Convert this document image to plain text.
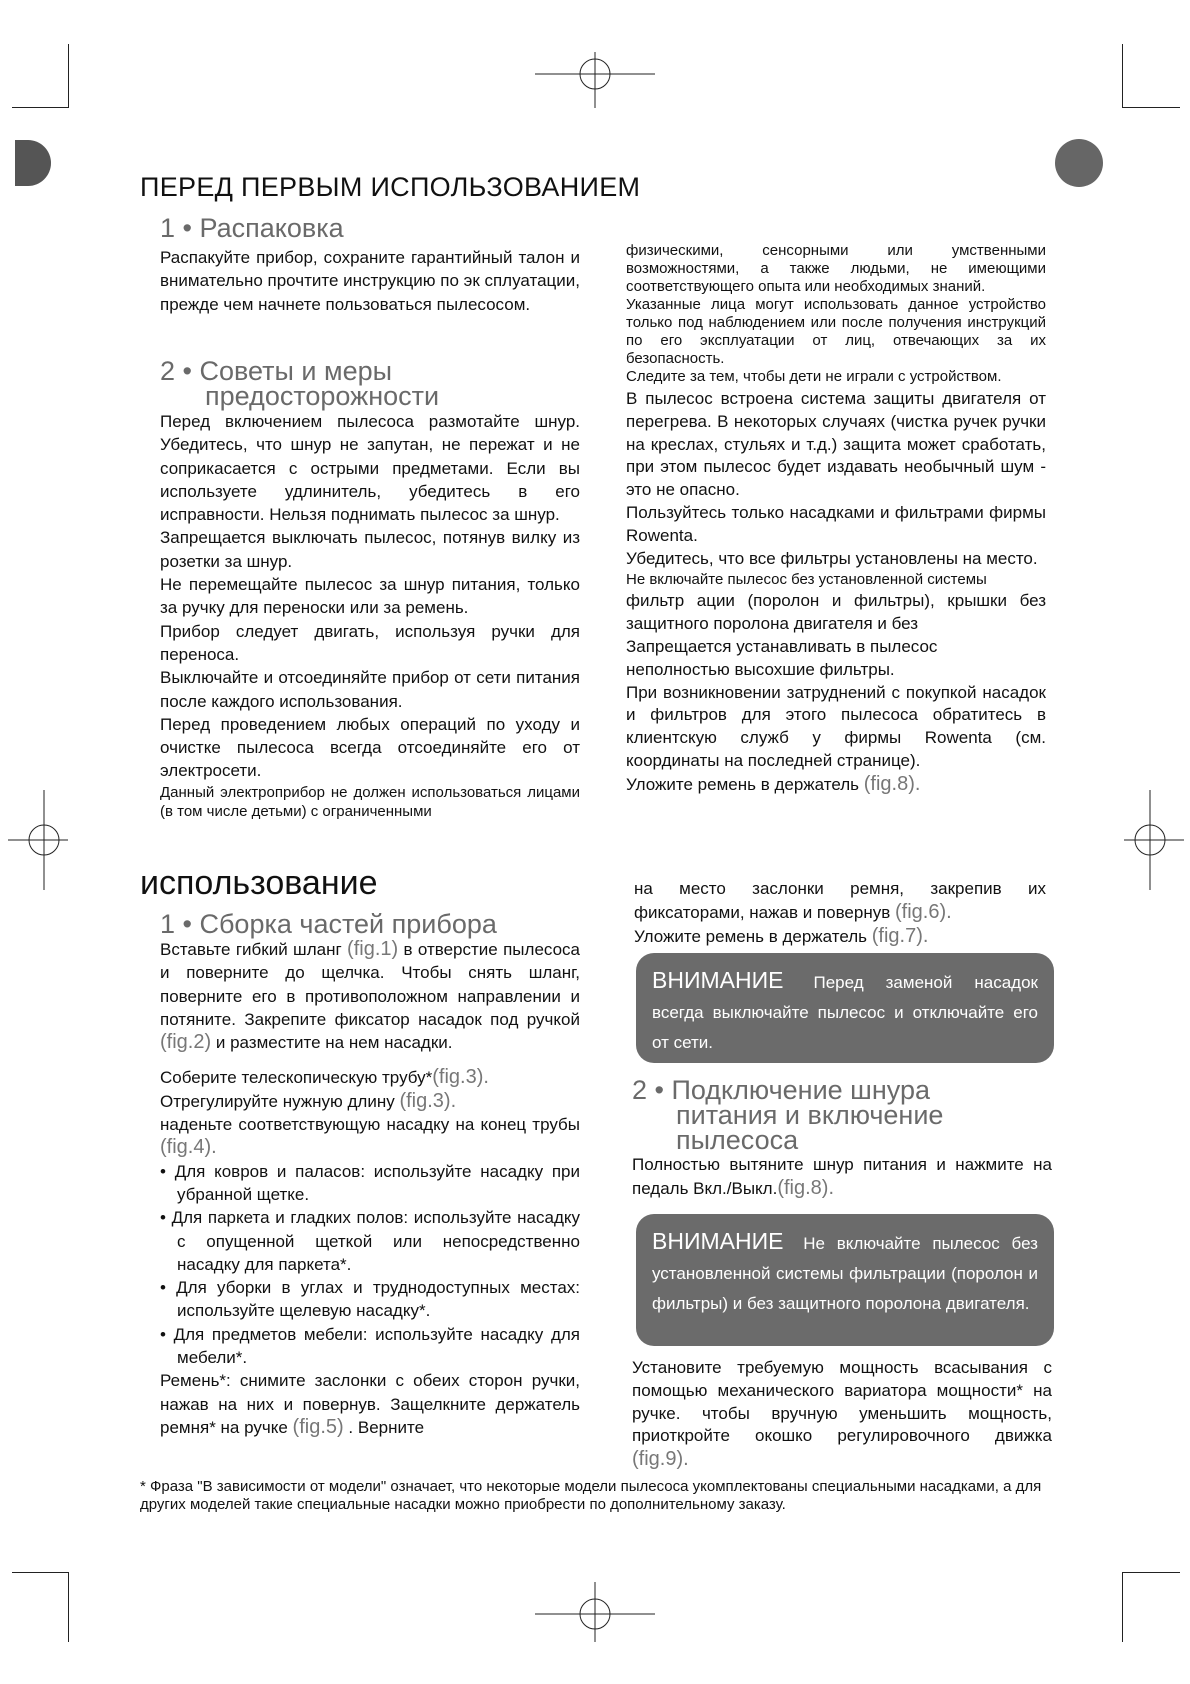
ПЕРЕД ПЕРВЫМ ИСПОЛЬЗОВАНИЕМ
1 • Распаковка

Распакуйте прибор, сохраните гарантийный талон и внимательно прочтите инструкцию по эк сплуатации, прежде чем начнете пользоваться пылесосом.

2 • Советы и меры
предосторожности

Перед включением пылесоса размотайте шнур. Убедитесь, что шнур не запутан, не пережат и не соприкасается с острыми предметами. Если вы используете удлинитель, убедитесь в его исправности. Нельзя поднимать пылесос за шнур.

Запрещается выключать пылесос, потянув вилку из розетки за шнур.

Не перемещайте пылесос за шнур питания, только за ручку для переноски или за ремень.

Прибор следует двигать, используя ручки для переноса.

Выключайте и отсоединяйте прибор от сети питания после каждого использования.

Перед проведением любых операций по уходу и очистке пылесоса всегда отсоединяйте его от электросети.

Данный электроприбор не должен использоваться лицами (в том числе детьми) с ограниченными

физическими, сенсорными или умственными возможностями, а также людьми, не имеющими соответствующего опыта или необходимых знаний.

Указанные лица могут использовать данное устройство только под наблюдением или после получения инструкций по его эксплуатации от лиц, отвечающих за их безопасность.

Следите за тем, чтобы дети не играли с устройством.

В пылесос встроена система защиты двигателя от перегрева. В некоторых случаях (чистка ручек ручки на креслах, стульях и т.д.) защита может сработать, при этом пылесос будет издавать необычный шум - это не опасно.

Пользуйтесь только насадками и фильтрами фирмы Rowenta.

Убедитесь, что все фильтры установлены на место.

Не включайте пылесос без установленной системы

фильтр ации (поролон и фильтры), крышки без защитного поролона двигателя и без

Запрещается устанавливать в пылесос

неполностью высохшие фильтры.

При возникновении затруднений с покупкой насадок и фильтров для этого пылесоса обратитесь в клиентскую служб у фирмы Rowenta (см. координаты на последней странице).

Уложите ремень в держатель (fig.8).

использование
1 • Сборка частей прибора

Вставьте гибкий шланг (fig.1) в отверстие пылесоса и поверните до щелчка. Чтобы снять шланг, поверните его в противоположном направлении и потяните. Закрепите фиксатор насадок под ручкой (fig.2) и разместите на нем насадки.

Соберите телескопическую трубу*(fig.3).

Отрегулируйте нужную длину (fig.3).

наденьте соответствующую насадку на конец трубы (fig.4).

• Для ковров и паласов: используйте насадку при убранной щетке.

• Для паркета и гладких полов: используйте насадку с опущенной щеткой или непосредственно насадку для паркета*.

• Для уборки в углах и труднодоступных местах: используйте щелевую насадку*.

• Для предметов мебели: используйте насадку для мебели*.

Ремень*: снимите заслонки с обеих сторон ручки, нажав на них и повернув. Защелкните держатель ремня* на ручке (fig.5) . Верните

на место заслонки ремня, закрепив их фиксаторами, нажав и повернув (fig.6).

Уложите ремень в держатель (fig.7).

ВНИМАНИЕ Перед заменой насадок всегда выключайте пылесос и отключайте его от сети.
2 • Подключение шнура
питания и включение
пылесоса

Полностью вытяните шнур питания и нажмите на педаль Вкл./Выкл.(fig.8).

ВНИМАНИЕ Не включайте пылесос без установленной системы фильтрации (поролон и фильтры) и без защитного поролона двигателя.

Установите требуемую мощность всасывания с помощью механического вариатора мощности* на ручке. чтобы вручную уменьшить мощность, приоткройте окошко регулировочного движка (fig.9).

* Фраза "В зависимости от модели" означает, что некоторые модели пылесоса укомплектованы специальными насадками, а для других моделей такие специальные насадки можно приобрести по дополнительному заказу.
